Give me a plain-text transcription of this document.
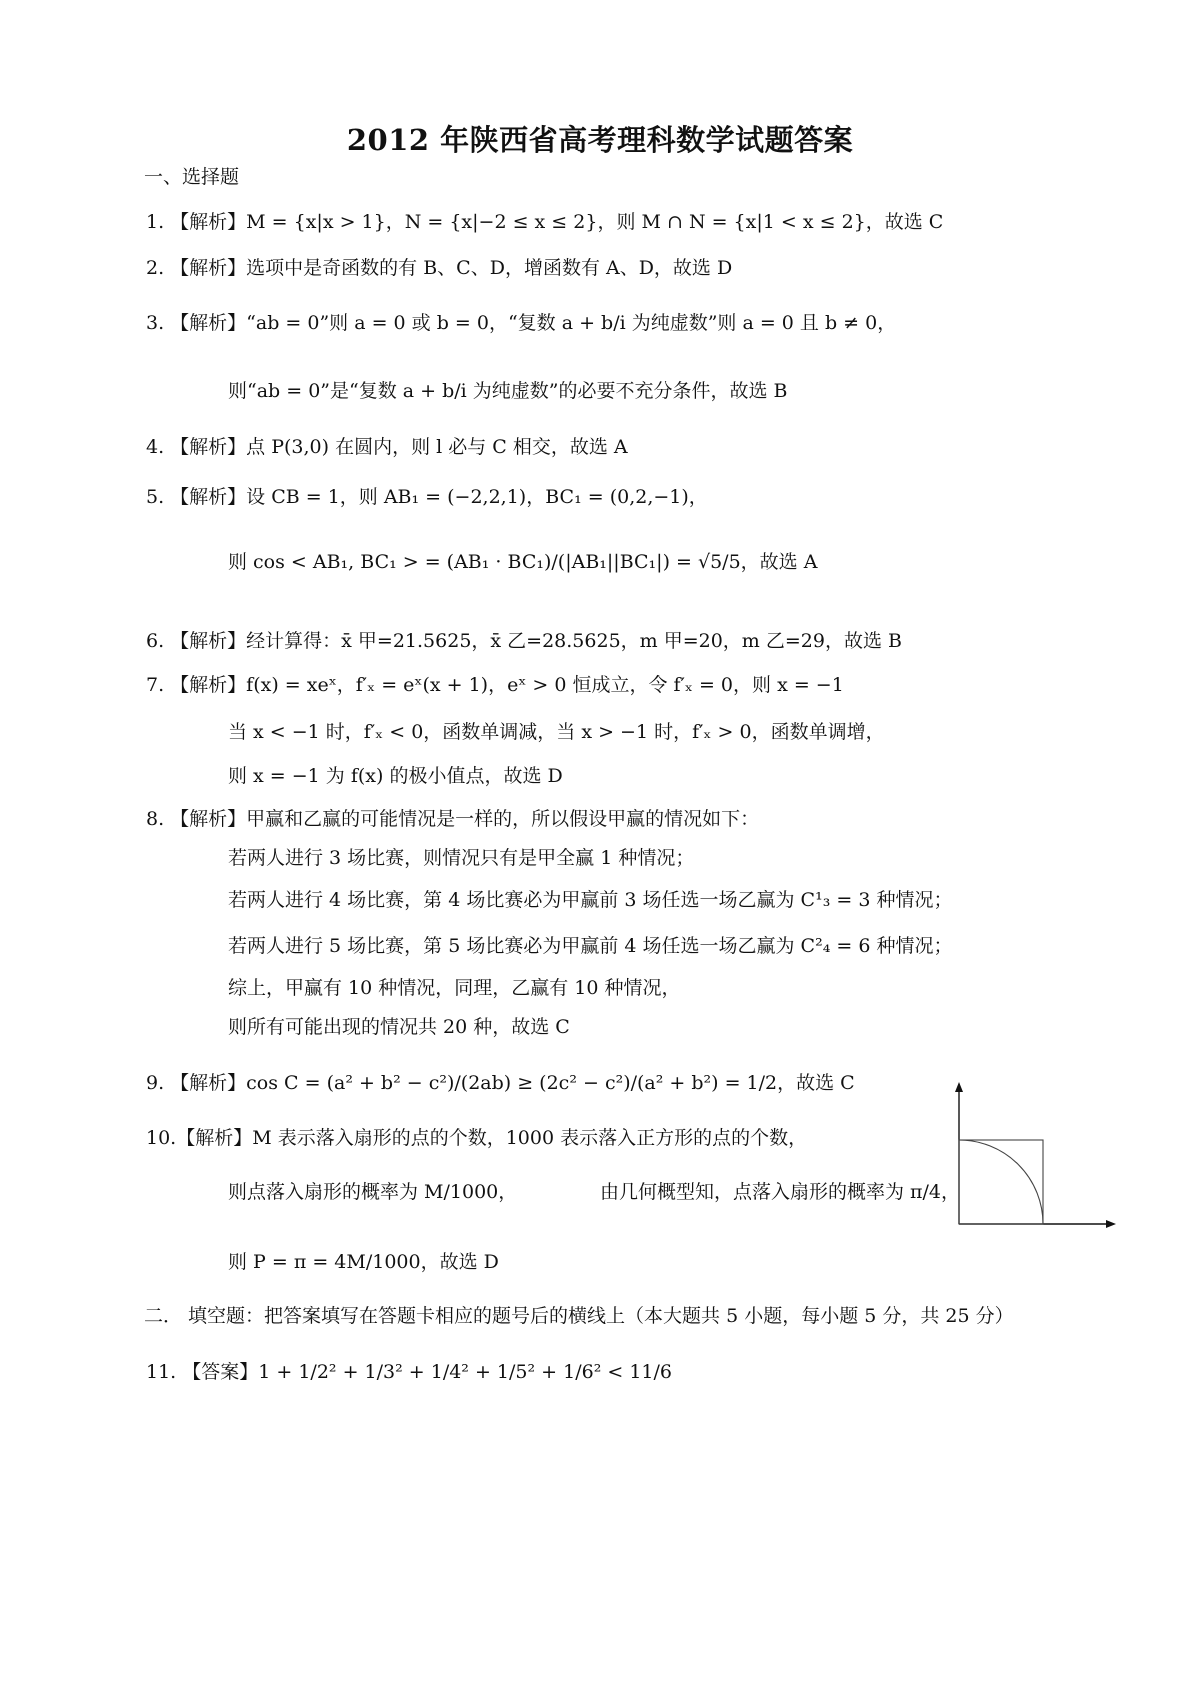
2012 年陕西省高考理科数学试题答案
一、选择题
1. 【解析】M = {x|x > 1}，N = {x|−2 ≤ x ≤ 2}，则 M ∩ N = {x|1 < x ≤ 2}，故选 C
2. 【解析】选项中是奇函数的有 B、C、D，增函数有 A、D，故选 D
3. 【解析】“ab = 0”则 a = 0 或 b = 0，“复数 a + b/i 为纯虚数”则 a = 0 且 b ≠ 0，
则“ab = 0”是“复数 a + b/i 为纯虚数”的必要不充分条件，故选 B
4. 【解析】点 P(3,0) 在圆内，则 l 必与 C 相交，故选 A
5. 【解析】设 CB = 1，则 AB₁ = (−2,2,1)，BC₁ = (0,2,−1)，
则 cos < AB₁, BC₁ > = (AB₁ · BC₁)/(|AB₁||BC₁|) = √5/5，故选 A
6. 【解析】经计算得：x̄ 甲=21.5625，x̄ 乙=28.5625，m 甲=20，m 乙=29，故选 B
7. 【解析】f(x) = xeˣ，f′ₓ = eˣ(x + 1)，eˣ > 0 恒成立，令 f′ₓ = 0，则 x = −1
当 x < −1 时，f′ₓ < 0，函数单调减，当 x > −1 时，f′ₓ > 0，函数单调增，
则 x = −1 为 f(x) 的极小值点，故选 D
8. 【解析】甲赢和乙赢的可能情况是一样的，所以假设甲赢的情况如下：
若两人进行 3 场比赛，则情况只有是甲全赢 1 种情况；
若两人进行 4 场比赛，第 4 场比赛必为甲赢前 3 场任选一场乙赢为 C¹₃ = 3 种情况；
若两人进行 5 场比赛，第 5 场比赛必为甲赢前 4 场任选一场乙赢为 C²₄ = 6 种情况；
综上，甲赢有 10 种情况，同理，乙赢有 10 种情况，
则所有可能出现的情况共 20 种，故选 C
9. 【解析】cos C = (a² + b² − c²)/(2ab) ≥ (2c² − c²)/(a² + b²) = 1/2，故选 C
10.【解析】M 表示落入扇形的点的个数，1000 表示落入正方形的点的个数，
则点落入扇形的概率为 M/1000，	由几何概型知，点落入扇形的概率为 π/4，
则 P = π = 4M/1000，故选 D
二． 填空题：把答案填写在答题卡相应的题号后的横线上（本大题共 5 小题，每小题 5 分，共 25 分）
11. 【答案】1 + 1/2² + 1/3² + 1/4² + 1/5² + 1/6² < 11/6
